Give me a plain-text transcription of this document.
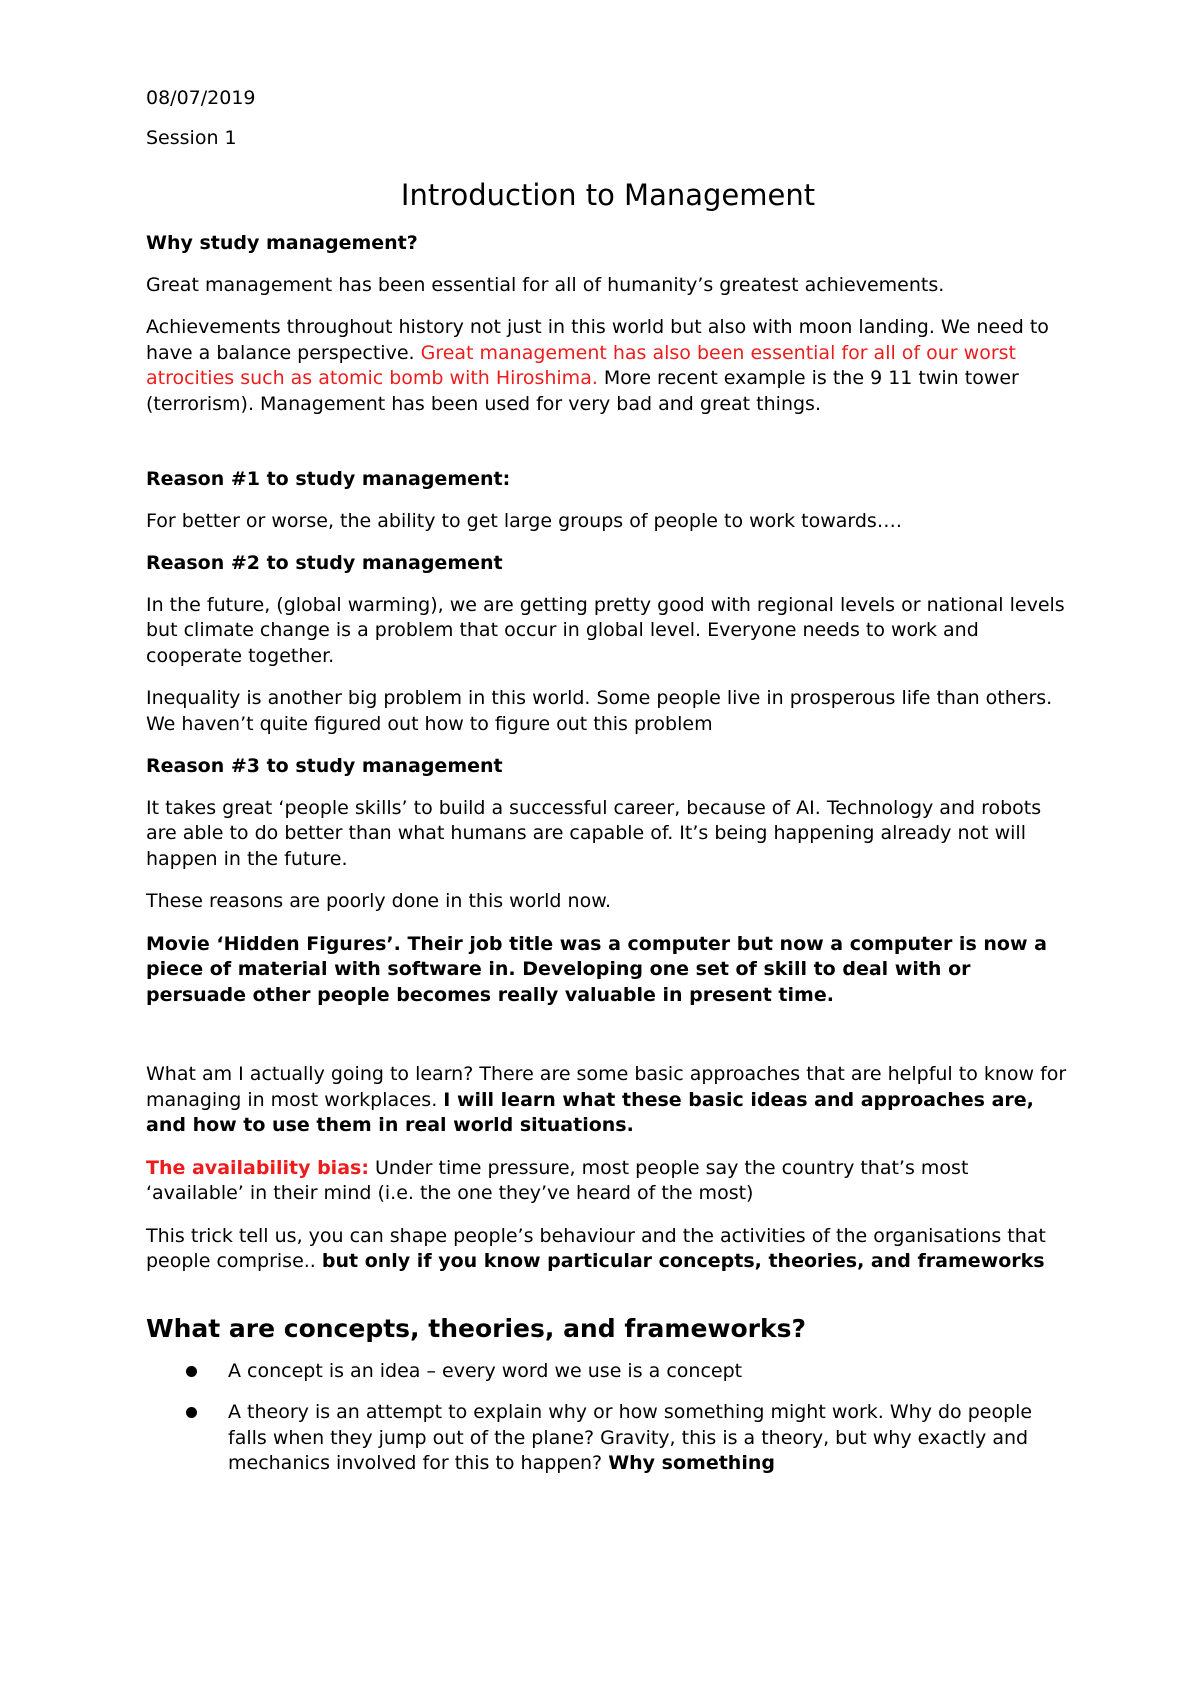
08/07/2019

Session 1

Introduction to Management

Why study management?

Great management has been essential for all of humanity’s greatest achievements.

Achievements throughout history not just in this world but also with moon landing. We need to have a balance perspective. Great management has also been essential for all of our worst atrocities such as atomic bomb with Hiroshima. More recent example is the 9 11 twin tower (terrorism). Management has been used for very bad and great things.

Reason #1 to study management:

For better or worse, the ability to get large groups of people to work towards….

Reason #2 to study management

In the future, (global warming), we are getting pretty good with regional levels or national levels but climate change is a problem that occur in global level. Everyone needs to work and cooperate together.

Inequality is another big problem in this world. Some people live in prosperous life than others. We haven’t quite figured out how to figure out this problem

Reason #3 to study management

It takes great ‘people skills’ to build a successful career, because of AI. Technology and robots are able to do better than what humans are capable of. It’s being happening already not will happen in the future.

These reasons are poorly done in this world now.

Movie ‘Hidden Figures’. Their job title was a computer but now a computer is now a piece of material with software in. Developing one set of skill to deal with or persuade other people becomes really valuable in present time.

What am I actually going to learn? There are some basic approaches that are helpful to know for managing in most workplaces. I will learn what these basic ideas and approaches are, and how to use them in real world situations.

The availability bias: Under time pressure, most people say the country that’s most ‘available’ in their mind (i.e. the one they’ve heard of the most)

This trick tell us, you can shape people’s behaviour and the activities of the organisations that people comprise.. but only if you know particular concepts, theories, and frameworks

What are concepts, theories, and frameworks?
A concept is an idea – every word we use is a concept
A theory is an attempt to explain why or how something might work. Why do people falls when they jump out of the plane? Gravity, this is a theory, but why exactly and mechanics involved for this to happen? Why something
